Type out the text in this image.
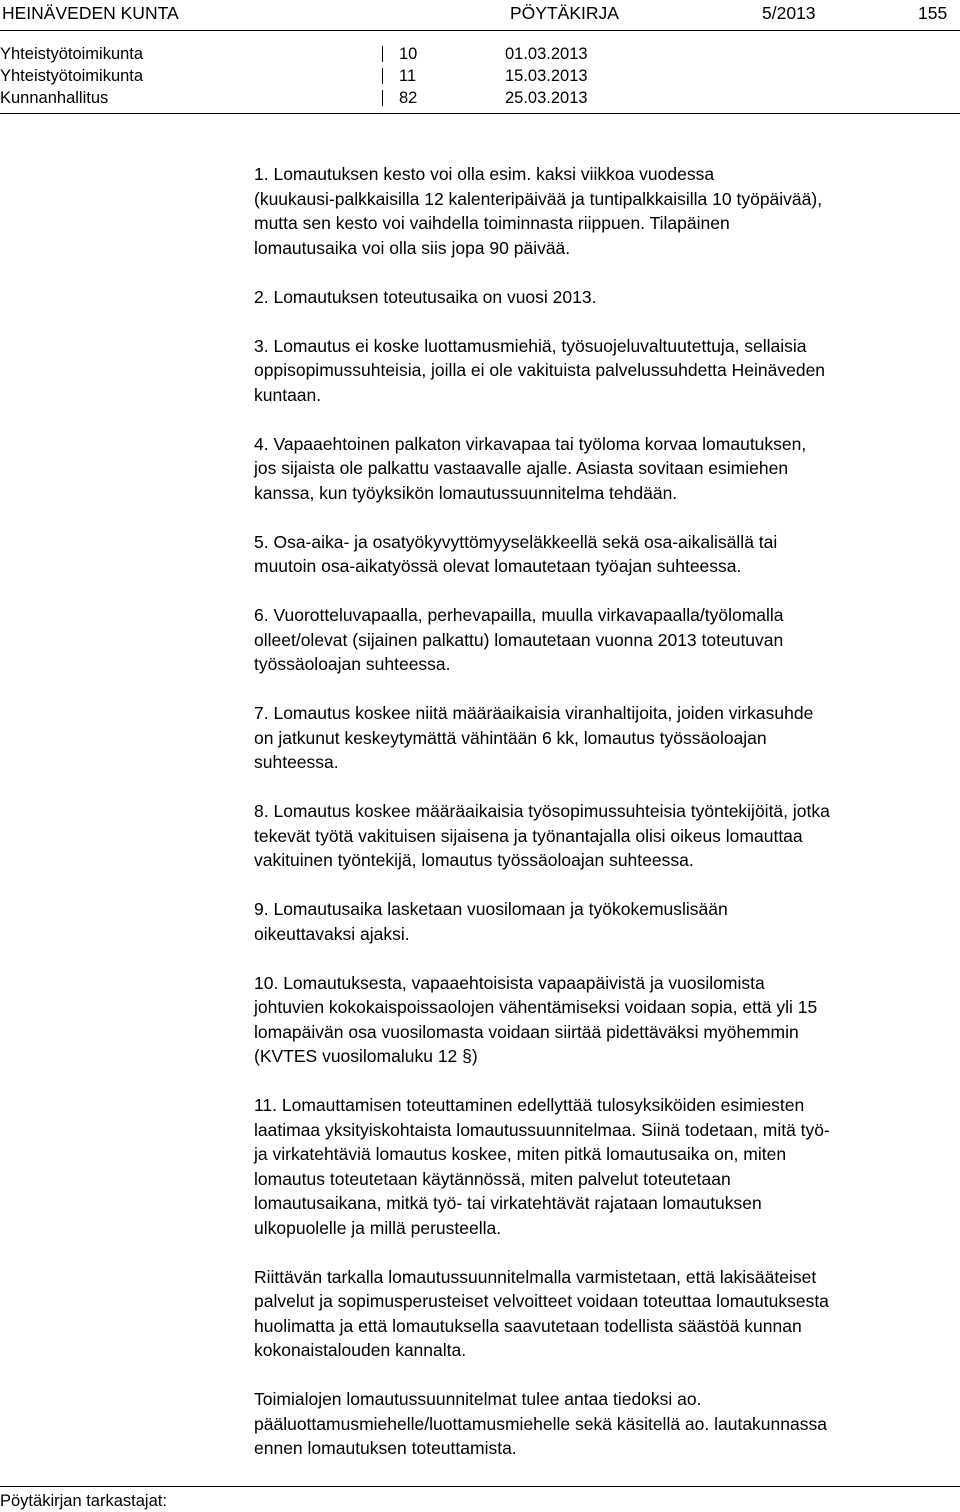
HEINÄVEDEN KUNTA	PÖYTÄKIRJA	5/2013	155
Yhteistyötoimikunta	10	01.03.2013
Yhteistyötoimikunta	11	15.03.2013
Kunnanhallitus	82	25.03.2013

1. Lomautuksen kesto voi olla esim. kaksi viikkoa vuodessa
(kuukausi-palkkaisilla 12 kalenteripäivää ja tuntipalkkaisilla 10 työpäivää),
mutta sen kesto voi vaihdella toiminnasta riippuen. Tilapäinen
lomautusaika voi olla siis jopa 90 päivää.

2. Lomautuksen toteutusaika on vuosi 2013.

3. Lomautus ei koske luottamusmiehiä, työsuojeluvaltuutettuja, sellaisia
oppisopimussuhteisia, joilla ei ole vakituista palvelussuhdetta Heinäveden
kuntaan.

4. Vapaaehtoinen palkaton virkavapaa tai työloma korvaa lomautuksen,
jos sijaista ole palkattu vastaavalle ajalle. Asiasta sovitaan esimiehen
kanssa, kun työyksikön lomautussuunnitelma tehdään.

5. Osa-aika- ja osatyökyvyttömyyseläkkeellä sekä osa-aikalisällä tai
muutoin osa-aikatyössä olevat lomautetaan työajan suhteessa.

6. Vuorotteluvapaalla, perhevapailla, muulla virkavapaalla/työlomalla
olleet/olevat (sijainen palkattu) lomautetaan vuonna 2013 toteutuvan
työssäoloajan suhteessa.

7. Lomautus koskee niitä määräaikaisia viranhaltijoita, joiden virkasuhde
on jatkunut keskeytymättä vähintään 6 kk, lomautus työssäoloajan
suhteessa.

8. Lomautus koskee määräaikaisia työsopimussuhteisia työntekijöitä, jotka
tekevät työtä vakituisen sijaisena ja työnantajalla olisi oikeus lomauttaa
vakituinen työntekijä, lomautus työssäoloajan suhteessa.

9. Lomautusaika lasketaan vuosilomaan ja työkokemuslisään
oikeuttavaksi ajaksi.

10. Lomautuksesta, vapaaehtoisista vapaapäivistä ja vuosilomista
johtuvien kokokaispoissaolojen vähentämiseksi voidaan sopia, että yli 15
lomapäivän osa vuosilomasta voidaan siirtää pidettäväksi myöhemmin
(KVTES vuosilomaluku 12 §)

11. Lomauttamisen toteuttaminen edellyttää tulosyksiköiden esimiesten
laatimaa yksityiskohtaista lomautussuunnitelmaa. Siinä todetaan, mitä työ-
ja virkatehtäviä lomautus koskee, miten pitkä lomautusaika on, miten
lomautus toteutetaan käytännössä, miten palvelut toteutetaan
lomautusaikana, mitkä työ- tai virkatehtävät rajataan lomautuksen
ulkopuolelle ja millä perusteella.

Riittävän tarkalla lomautussuunnitelmalla varmistetaan, että lakisääteiset
palvelut ja sopimusperusteiset velvoitteet voidaan toteuttaa lomautuksesta
huolimatta ja että lomautuksella saavutetaan todellista säästöä kunnan
kokonaistalouden kannalta.

Toimialojen lomautussuunnitelmat tulee antaa tiedoksi ao.
pääluottamusmiehelle/luottamusmiehelle sekä käsitellä ao. lautakunnassa
ennen lomautuksen toteuttamista.

Pöytäkirjan tarkastajat:
